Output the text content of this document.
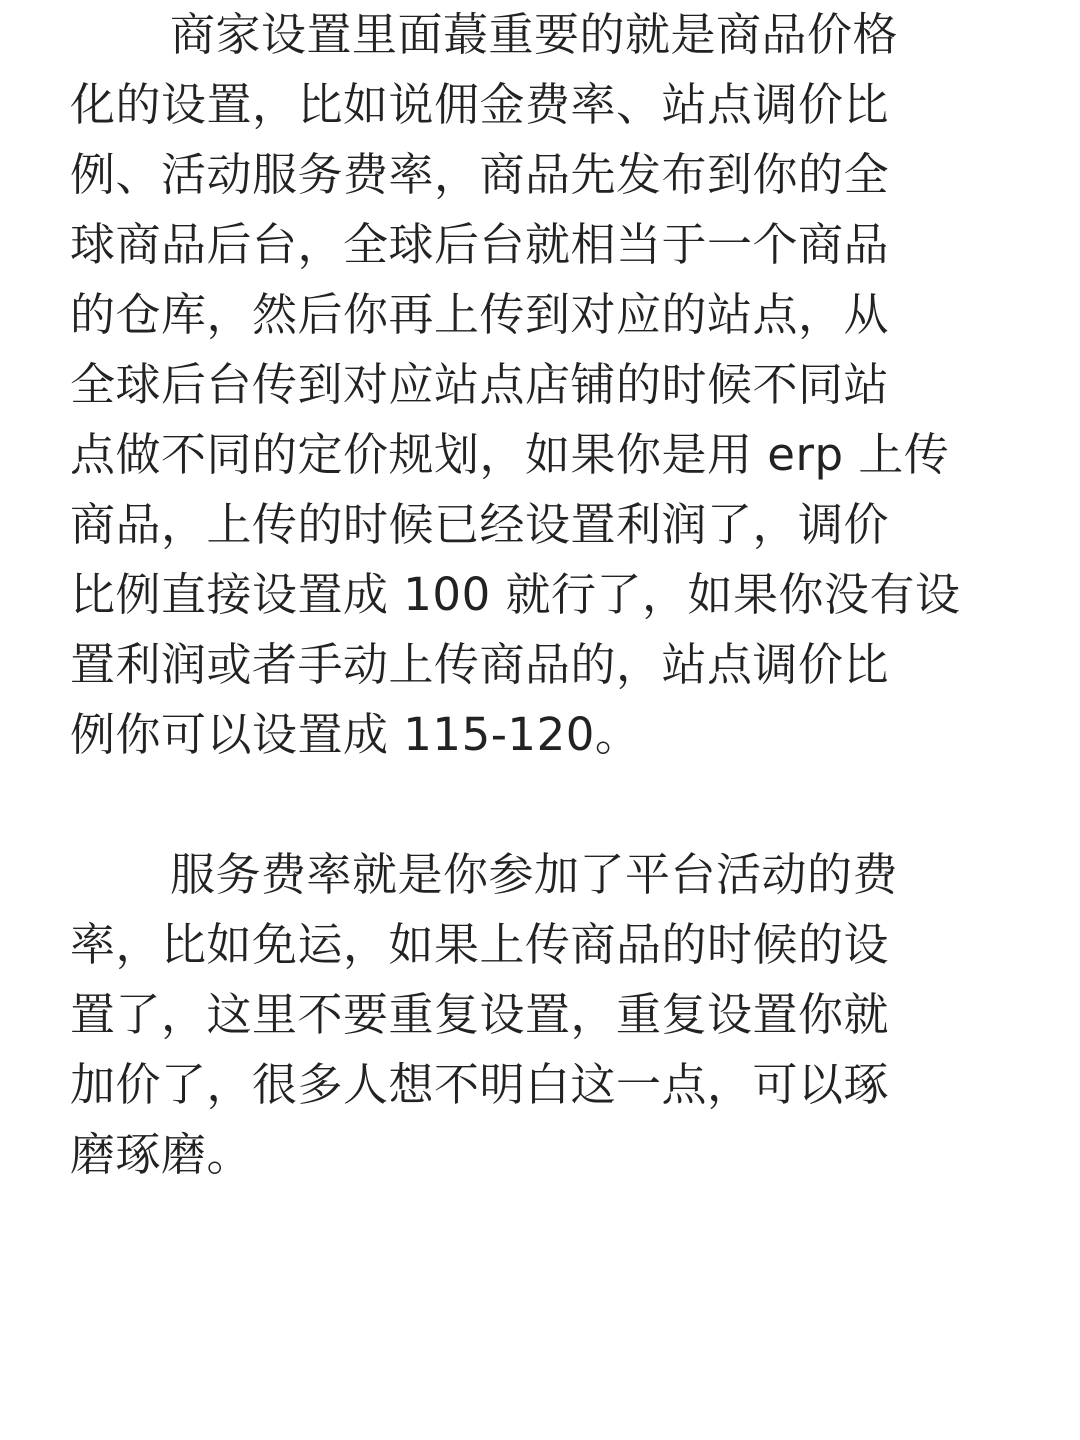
商家设置里面蕞重要的就是商品价格
化的设置，比如说佣金费率、站点调价比
例、活动服务费率，商品先发布到你的全
球商品后台，全球后台就相当于一个商品
的仓库，然后你再上传到对应的站点，从
全球后台传到对应站点店铺的时候不同站
点做不同的定价规划，如果你是用 erp 上传
商品，上传的时候已经设置利润了，调价
比例直接设置成 100 就行了，如果你没有设
置利润或者手动上传商品的，站点调价比
例你可以设置成 115-120。
服务费率就是你参加了平台活动的费
率，比如免运，如果上传商品的时候的设
置了，这里不要重复设置，重复设置你就
加价了，很多人想不明白这一点，可以琢
磨琢磨。
